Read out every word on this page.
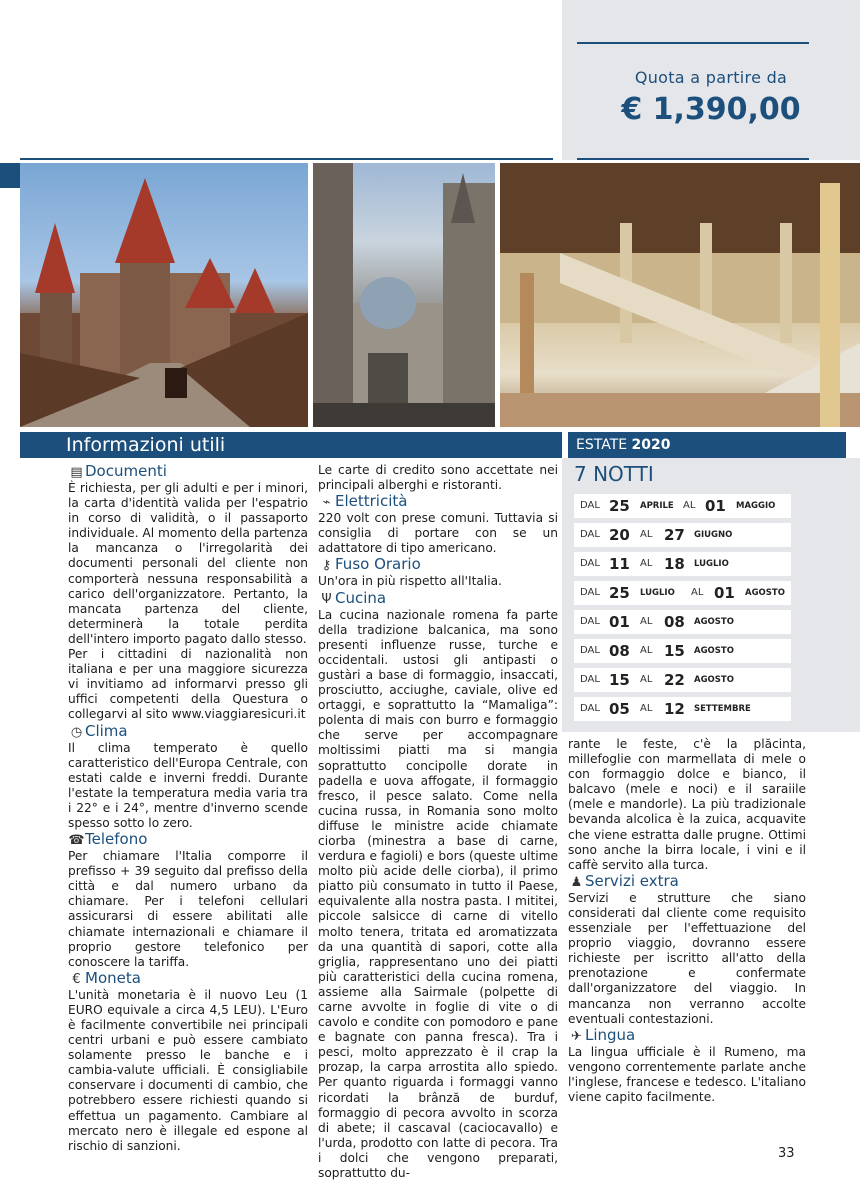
Quota a partire da
€ 1,390,00
Informazioni utili	ESTATE 2020
7 NOTTI
DAL 25 APRILE AL 01 MAGGIO
DAL 20 AL 27 GIUGNO
DAL 11 AL 18 LUGLIO
DAL 25 LUGLIO AL 01 AGOSTO
DAL 01 AL 08 AGOSTO
DAL 08 AL 15 AGOSTO
DAL 15 AL 22 AGOSTO
DAL 05 AL 12 SETTEMBRE
▤ Documenti

È richiesta, per gli adulti e per i minori, la carta d'identità valida per l'espatrio in corso di validità, o il passaporto individuale. Al momento della partenza la mancanza o l'irregolarità dei documenti personali del cliente non comporterà nessuna responsabilità a carico dell'organizzatore. Pertanto, la mancata partenza del cliente, determinerà la totale perdita dell'intero importo pagato dallo stesso.

Per i cittadini di nazionalità non italiana e per una maggiore sicurezza vi invitiamo ad informarvi presso gli uffici competenti della Questura o collegarvi al sito www.viaggiaresicuri.it

◷ Clima

Il clima temperato è quello caratteristico dell'Europa Centrale, con estati calde e inverni freddi. Durante l'estate la temperatura media varia tra i 22° e i 24°, mentre d'inverno scende spesso sotto lo zero.

☎Telefono

Per chiamare l'Italia comporre il prefisso + 39 seguito dal prefisso della città e dal numero urbano da chiamare. Per i telefoni cellulari assicurarsi di essere abilitati alle chiamate internazionali e chiamare il proprio gestore telefonico per conoscere la tariffa.

€ Moneta

L'unità monetaria è il nuovo Leu (1 EURO equivale a circa 4,5 LEU). L'Euro è facilmente convertibile nei principali centri urbani e può essere cambiato solamente presso le banche e i cambia-valute ufficiali. È consigliabile conservare i documenti di cambio, che potrebbero essere richiesti quando si effettua un pagamento. Cambiare al mercato nero è illegale ed espone al rischio di sanzioni.

Le carte di credito sono accettate nei principali alberghi e ristoranti.

⌁ Elettricità

220 volt con prese comuni. Tuttavia si consiglia di portare con se un adattatore di tipo americano.

⚷ Fuso Orario

Un'ora in più rispetto all'Italia.

Ψ Cucina

La cucina nazionale romena fa parte della tradizione balcanica, ma sono presenti influenze russe, turche e occidentali. ustosi gli antipasti o gustàri a base di formaggio, insaccati, prosciutto, acciughe, caviale, olive ed ortaggi, e soprattutto la “Mamaliga”: polenta di mais con burro e formaggio che serve per accompagnare moltissimi piatti ma si mangia soprattutto concipolle dorate in padella e uova affogate, il formaggio fresco, il pesce salato. Come nella cucina russa, in Romania sono molto diffuse le ministre acide chiamate ciorba (minestra a base di carne, verdura e fagioli) e bors (queste ultime molto più acide delle ciorba), il primo piatto più consumato in tutto il Paese, equivalente alla nostra pasta. I mititei, piccole salsicce di carne di vitello molto tenera, tritata ed aromatizzata da una quantità di sapori, cotte alla griglia, rappresentano uno dei piatti più caratteristici della cucina romena, assieme alla Sairmale (polpette di carne avvolte in foglie di vite o di cavolo e condite con pomodoro e pane e bagnate con panna fresca). Tra i pesci, molto apprezzato è il crap la prozap, la carpa arrostita allo spiedo. Per quanto riguarda i formaggi vanno ricordati la brânză de burduf, formaggio di pecora avvolto in scorza di abete; il cascaval (caciocavallo) e l'urda, prodotto con latte di pecora. Tra i dolci che vengono preparati, soprattutto du-

rante le feste, c'è la plăcinta, millefoglie con marmellata di mele o con formaggio dolce e bianco, il balcavo (mele e noci) e il saraiile (mele e mandorle). La più tradizionale bevanda alcolica è la zuica, acquavite che viene estratta dalle prugne. Ottimi sono anche la birra locale, i vini e il caffè servito alla turca.

♟ Servizi extra

Servizi e strutture che siano considerati dal cliente come requisito essenziale per l'effettuazione del proprio viaggio, dovranno essere richieste per iscritto all'atto della prenotazione e confermate dall'organizzatore del viaggio. In mancanza non verranno accolte eventuali contestazioni.

✈ Lingua

La lingua ufficiale è il Rumeno, ma vengono correntemente parlate anche l'inglese, francese e tedesco. L'italiano viene capito facilmente.

33
